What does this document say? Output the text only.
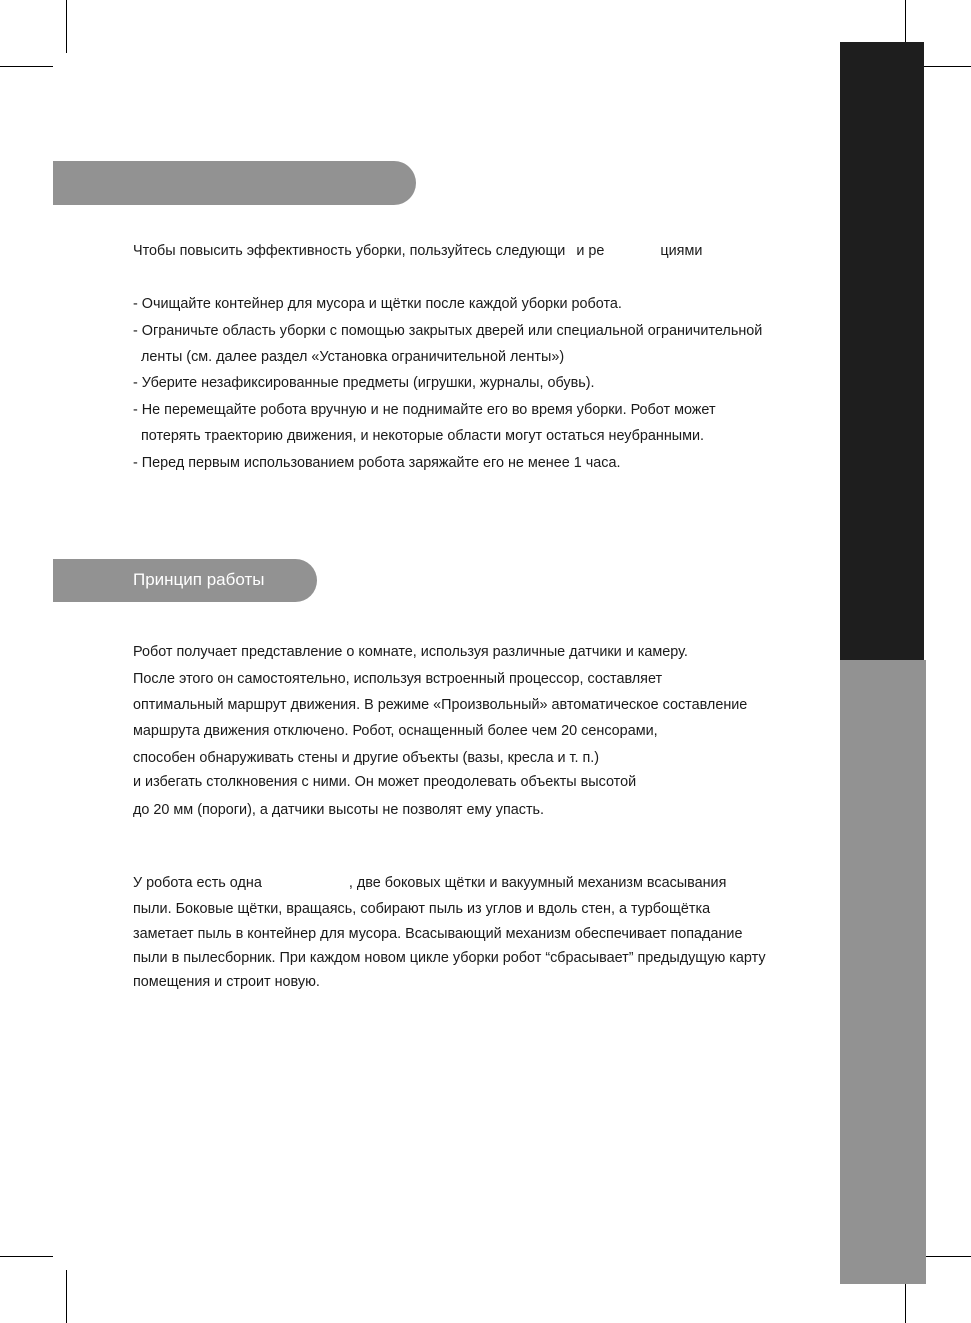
Чтобы повысить эффективность уборки, пользуйтесь следующи и ре	циями
- Очищайте контейнер для мусора и щётки после каждой уборки робота.
- Ограничьте область уборки с помощью закрытых дверей или специальной ограничительной
ленты (см. далее раздел «Установка ограничительной ленты»)
- Уберите незафиксированные предметы (игрушки, журналы, обувь).
- Не перемещайте робота вручную и не поднимайте его во время уборки. Робот может
потерять траекторию движения, и некоторые области могут остаться неубранными.
- Перед первым использованием робота заряжайте его не менее 1 часа.
Принцип работы
Робот получает представление о комнате, используя различные датчики и камеру.
После этого он самостоятельно, используя встроенный процессор, составляет
оптимальный маршрут движения. В режиме «Произвольный» автоматическое составление
маршрута движения отключено. Робот, оснащенный более чем 20 сенсорами,
способен обнаруживать стены и другие объекты (вазы, кресла и т. п.)
и избегать столкновения с ними. Он может преодолевать объекты высотой
до 20 мм (пороги), а датчики высоты не позволят ему упасть.
У робота есть одна	, две боковых щётки и вакуумный механизм всасывания
пыли. Боковые щётки, вращаясь, собирают пыль из углов и вдоль стен, а турбощётка
заметает пыль в контейнер для мусора. Всасывающий механизм обеспечивает попадание
пыли в пылесборник. При каждом новом цикле уборки робот “сбрасывает” предыдущую карту
помещения и строит новую.
